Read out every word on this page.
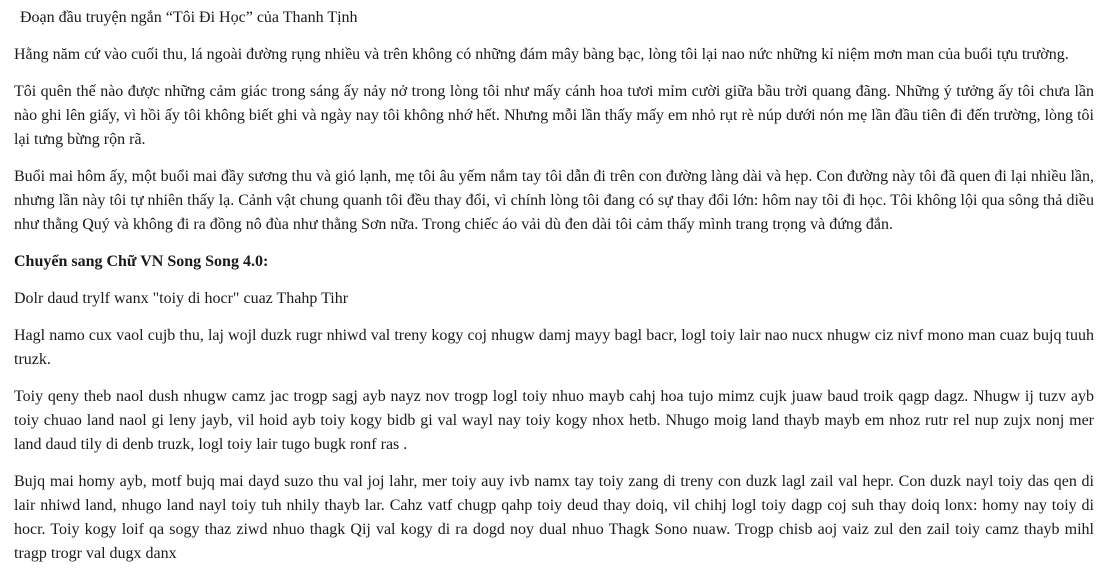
Đoạn đầu truyện ngắn “Tôi Đi Học” của Thanh Tịnh

Hằng năm cứ vào cuối thu, lá ngoài đường rụng nhiều và trên không có những đám mây bàng bạc, lòng tôi lại nao nức những kỉ niệm mơn man của buổi tựu trường.

Tôi quên thế nào được những cảm giác trong sáng ấy nảy nở trong lòng tôi như mấy cánh hoa tươi mỉm cười giữa bầu trời quang đãng. Những ý tưởng ấy tôi chưa lần nào ghi lên giấy, vì hồi ấy tôi không biết ghi và ngày nay tôi không nhớ hết. Nhưng mỗi lần thấy mấy em nhỏ rụt rè núp dưới nón mẹ lần đầu tiên đi đến trường, lòng tôi lại tưng bừng rộn rã.

Buổi mai hôm ấy, một buổi mai đầy sương thu và gió lạnh, mẹ tôi âu yếm nắm tay tôi dẫn đi trên con đường làng dài và hẹp. Con đường này tôi đã quen đi lại nhiều lần, nhưng lần này tôi tự nhiên thấy lạ. Cảnh vật chung quanh tôi đều thay đổi, vì chính lòng tôi đang có sự thay đổi lớn: hôm nay tôi đi học. Tôi không lội qua sông thả diều như thằng Quý và không đi ra đồng nô đùa như thằng Sơn nữa. Trong chiếc áo vải dù đen dài tôi cảm thấy mình trang trọng và đứng đắn.

Chuyển sang Chữ VN Song Song 4.0:

Dolr daud trylf wanx "toiy di hocr" cuaz Thahp Tihr

Hagl namo cux vaol cujb thu, laj wojl duzk rugr nhiwd val treny kogy coj nhugw damj mayy bagl bacr, logl toiy lair nao nucx nhugw ciz nivf mono man cuaz bujq tuuh truzk.

Toiy qeny theb naol dush nhugw camz jac trogp sagj ayb nayz nov trogp logl toiy nhuo mayb cahj hoa tujo mimz cujk juaw baud troik qagp dagz. Nhugw ij tuzv ayb toiy chuao land naol gi leny jayb, vil hoid ayb toiy kogy bidb gi val wayl nay toiy kogy nhox hetb. Nhugo moig land thayb mayb em nhoz rutr rel nup zujx nonj mer land daud tily di denb truzk, logl toiy lair tugo bugk ronf ras .

Bujq mai homy ayb, motf bujq mai dayd suzo thu val joj lahr, mer toiy auy ivb namx tay toiy zang di treny con duzk lagl zail val hepr. Con duzk nayl toiy das qen di lair nhiwd land, nhugo land nayl toiy tuh nhily thayb lar. Cahz vatf chugp qahp toiy deud thay doiq, vil chihj logl toiy dagp coj suh thay doiq lonx: homy nay toiy di hocr. Toiy kogy loif qa sogy thaz ziwd nhuo thagk Qij val kogy di ra dogd noy dual nhuo Thagk Sono nuaw. Trogp chisb aoj vaiz zul den zail toiy camz thayb mihl tragp trogr val dugx danx
